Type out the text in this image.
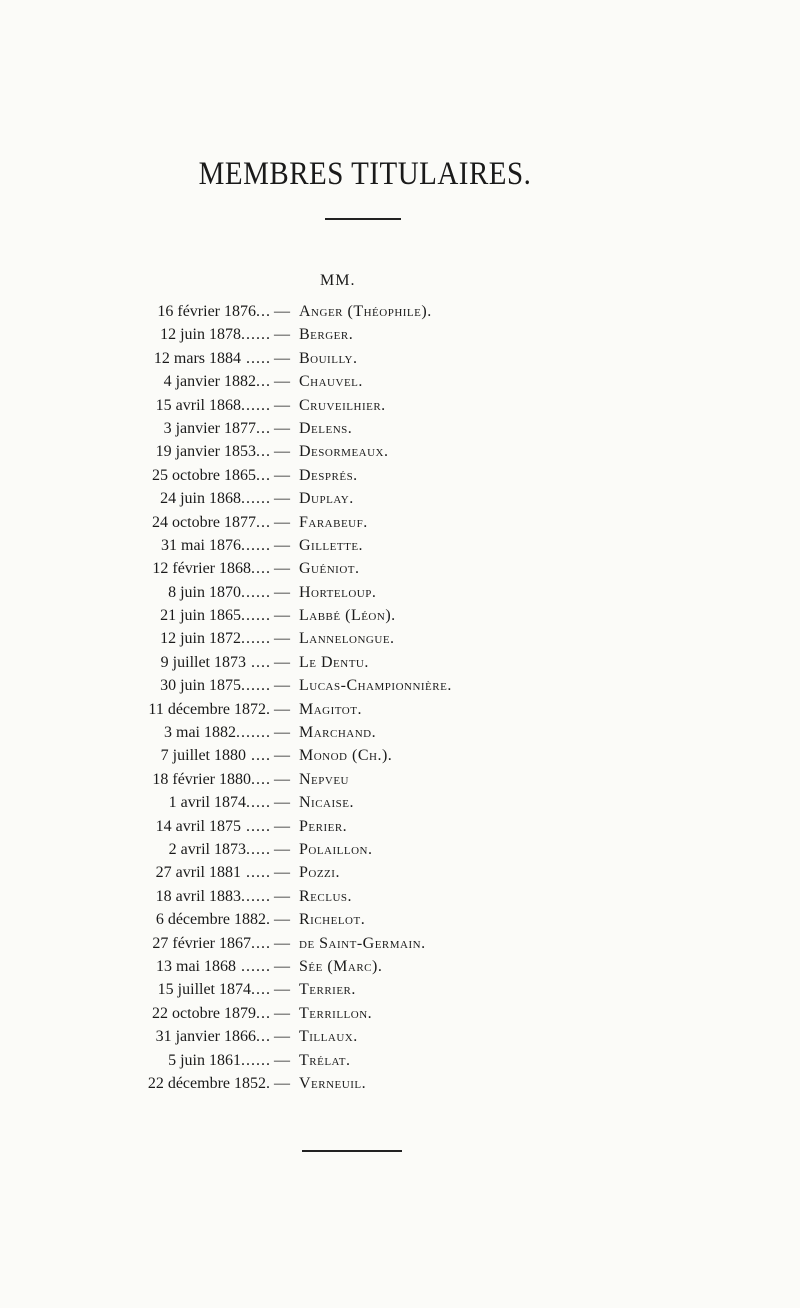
MEMBRES TITULAIRES.
MM.
16 février 1876... — Anger (Théophile).
12 juin 1878...... — Berger.
12 mars 1884 ..... — Bouilly.
4 janvier 1882... — Chauvel.
15 avril 1868...... — Cruveilhier.
3 janvier 1877... — Delens.
19 janvier 1853... — Desormeaux.
25 octobre 1865... — Després.
24 juin 1868...... — Duplay.
24 octobre 1877... — Farabeuf.
31 mai 1876...... — Gillette.
12 février 1868.... — Guéniot.
8 juin 1870...... — Horteloup.
21 juin 1865...... — Labbé (Léon).
12 juin 1872...... — Lannelongue.
9 juillet 1873 .... — Le Dentu.
30 juin 1875...... — Lucas-Championnière.
11 décembre 1872. — Magitot.
3 mai 1882....... — Marchand.
7 juillet 1880 .... — Monod (Ch.).
18 février 1880.... — Nepveu
1 avril 1874..... — Nicaise.
14 avril 1875 ..... — Perier.
2 avril 1873..... — Polaillon.
27 avril 1881 ..... — Pozzi.
18 avril 1883...... — Reclus.
6 décembre 1882. — Richelot.
27 février 1867.... — de Saint-Germain.
13 mai 1868 ...... — Sée (Marc).
15 juillet 1874.... — Terrier.
22 octobre 1879... — Terrillon.
31 janvier 1866... — Tillaux.
5 juin 1861...... — Trélat.
22 décembre 1852. — Verneuil.
